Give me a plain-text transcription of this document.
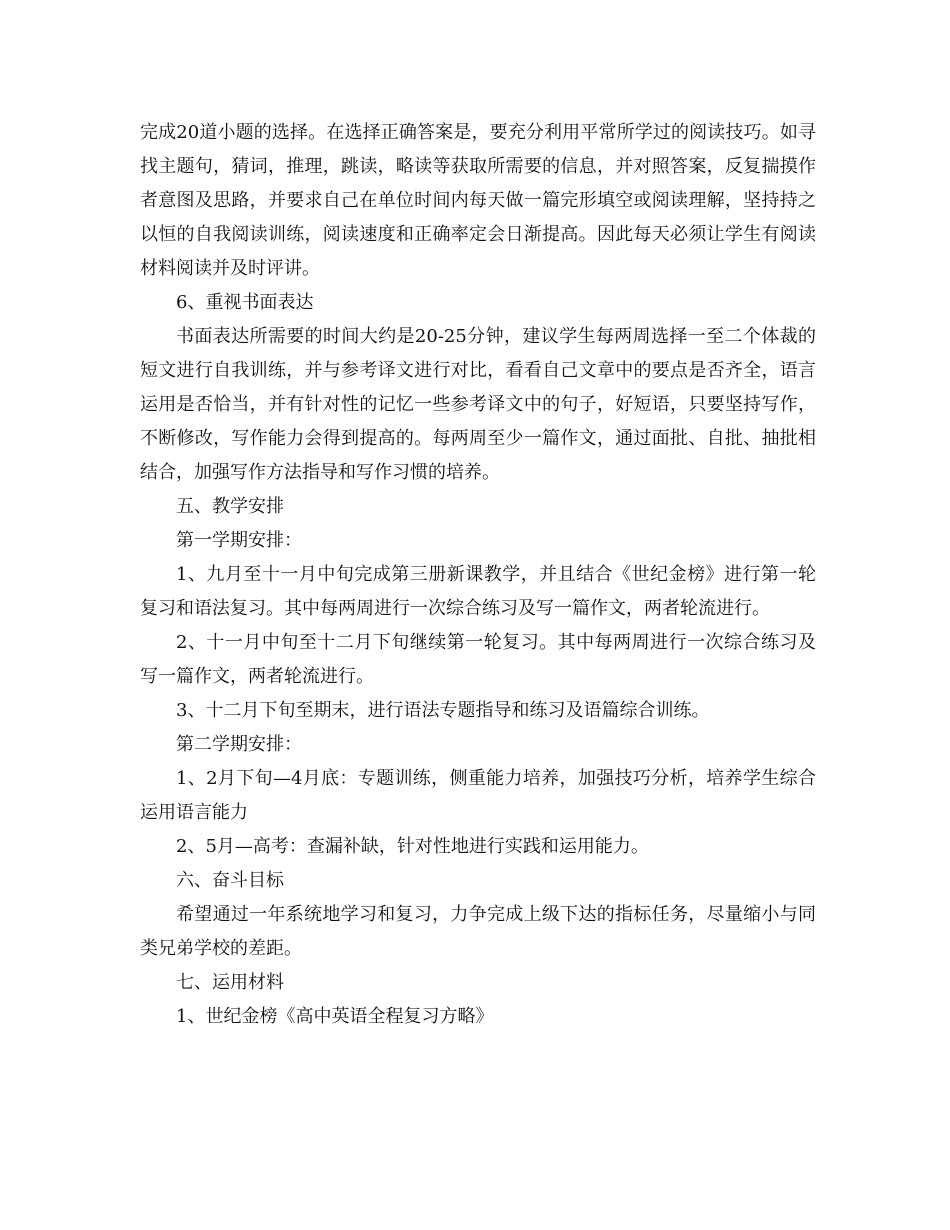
完成20道小题的选择。在选择正确答案是，要充分利用平常所学过的阅读技巧。如寻找主题句，猜词，推理，跳读，略读等获取所需要的信息，并对照答案，反复揣摸作者意图及思路，并要求自己在单位时间内每天做一篇完形填空或阅读理解，坚持持之以恒的自我阅读训练，阅读速度和正确率定会日渐提高。因此每天必须让学生有阅读材料阅读并及时评讲。

6、重视书面表达

书面表达所需要的时间大约是20-25分钟，建议学生每两周选择一至二个体裁的短文进行自我训练，并与参考译文进行对比，看看自己文章中的要点是否齐全，语言运用是否恰当，并有针对性的记忆一些参考译文中的句子，好短语，只要坚持写作，不断修改，写作能力会得到提高的。每两周至少一篇作文，通过面批、自批、抽批相结合，加强写作方法指导和写作习惯的培养。

五、教学安排

第一学期安排：

1、九月至十一月中旬完成第三册新课教学，并且结合《世纪金榜》进行第一轮复习和语法复习。其中每两周进行一次综合练习及写一篇作文，两者轮流进行。

2、十一月中旬至十二月下旬继续第一轮复习。其中每两周进行一次综合练习及写一篇作文，两者轮流进行。

3、十二月下旬至期末，进行语法专题指导和练习及语篇综合训练。

第二学期安排：

1、2月下旬—4月底：专题训练，侧重能力培养，加强技巧分析，培养学生综合运用语言能力

2、5月—高考：查漏补缺，针对性地进行实践和运用能力。

六、奋斗目标

希望通过一年系统地学习和复习，力争完成上级下达的指标任务，尽量缩小与同类兄弟学校的差距。

七、运用材料

1、世纪金榜《高中英语全程复习方略》
